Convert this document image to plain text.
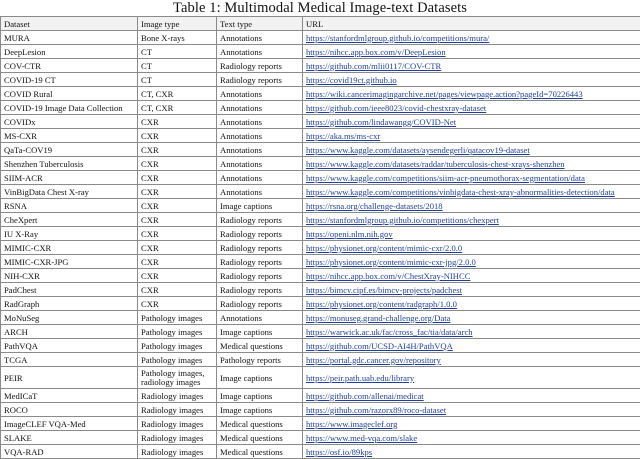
Table 1: Multimodal Medical Image-text Datasets
Dataset	Image type	Text type	URL
MURA	Bone X-rays	Annotations	https://stanfordmlgroup.github.io/competitions/mura/
DeepLesion	CT	Annotations	https://nihcc.app.box.com/v/DeepLesion
COV-CTR	CT	Radiology reports	https://github.com/mlii0117/COV-CTR
COVID-19 CT	CT	Radiology reports	https://covid19ct.github.io
COVID Rural	CT, CXR	Annotations	https://wiki.cancerimagingarchive.net/pages/viewpage.action?pageId=70226443
COVID-19 Image Data Collection	CT, CXR	Annotations	https://github.com/ieee8023/covid-chestxray-dataset
COVIDx	CXR	Annotations	https://github.com/lindawangg/COVID-Net
MS-CXR	CXR	Annotations	https://aka.ms/ms-cxr
QaTa-COV19	CXR	Annotations	https://www.kaggle.com/datasets/aysendegerli/qatacov19-dataset
Shenzhen Tuberculosis	CXR	Annotations	https://www.kaggle.com/datasets/raddar/tuberculosis-chest-xrays-shenzhen
SIIM-ACR	CXR	Annotations	https://www.kaggle.com/competitions/siim-acr-pneumothorax-segmentation/data
VinBigData Chest X-ray	CXR	Annotations	https://www.kaggle.com/competitions/vinbigdata-chest-xray-abnormalities-detection/data
RSNA	CXR	Image captions	https://rsna.org/challenge-datasets/2018
CheXpert	CXR	Radiology reports	https://stanfordmlgroup.github.io/competitions/chexpert
IU X-Ray	CXR	Radiology reports	https://openi.nlm.nih.gov
MIMIC-CXR	CXR	Radiology reports	https://physionet.org/content/mimic-cxr/2.0.0
MIMIC-CXR-JPG	CXR	Radiology reports	https://physionet.org/content/mimic-cxr-jpg/2.0.0
NIH-CXR	CXR	Radiology reports	https://nihcc.app.box.com/v/ChestXray-NIHCC
PadChest	CXR	Radiology reports	https://bimcv.cipf.es/bimcv-projects/padchest
RadGraph	CXR	Radiology reports	https://physionet.org/content/radgraph/1.0.0
MoNuSeg	Pathology images	Annotations	https://monuseg.grand-challenge.org/Data
ARCH	Pathology images	Image captions	https://warwick.ac.uk/fac/cross_fac/tia/data/arch
PathVQA	Pathology images	Medical questions	https://github.com/UCSD-AI4H/PathVQA
TCGA	Pathology images	Pathology reports	https://portal.gdc.cancer.gov/repository
PEIR	Pathology images, radiology images	Image captions	https://peir.path.uab.edu/library
MedICaT	Radiology images	Image captions	https://github.com/allenai/medicat
ROCO	Radiology images	Image captions	https://github.com/razorx89/roco-dataset
ImageCLEF VQA-Med	Radiology images	Medical questions	https://www.imageclef.org
SLAKE	Radiology images	Medical questions	https://www.med-vqa.com/slake
VQA-RAD	Radiology images	Medical questions	https://osf.io/89kps
